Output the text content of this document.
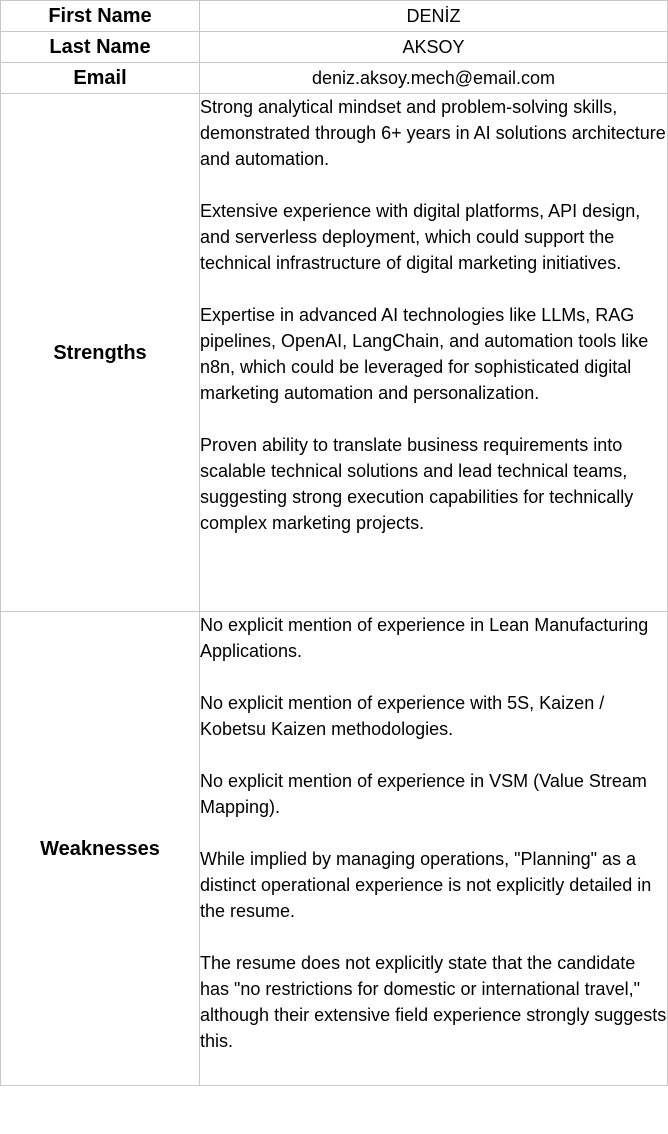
First Name	DENİZ
Last Name	AKSOY
Email	deniz.aksoy.mech@email.com
Strengths	Strong analytical mindset and problem-solving skills, demonstrated through 6+ years in AI solutions architecture and automation.

Extensive experience with digital platforms, API design, and serverless deployment, which could support the technical infrastructure of digital marketing initiatives.

Expertise in advanced AI technologies like LLMs, RAG pipelines, OpenAI, LangChain, and automation tools like n8n, which could be leveraged for sophisticated digital marketing automation and personalization.

Proven ability to translate business requirements into scalable technical solutions and lead technical teams, suggesting strong execution capabilities for technically complex marketing projects.

Weaknesses	No explicit mention of experience in Lean Manufacturing Applications.

No explicit mention of experience with 5S, Kaizen / Kobetsu Kaizen methodologies.

No explicit mention of experience in VSM (Value Stream Mapping).

While implied by managing operations, "Planning" as a distinct operational experience is not explicitly detailed in the resume.

The resume does not explicitly state that the candidate has "no restrictions for domestic or international travel," although their extensive field experience strongly suggests this.
